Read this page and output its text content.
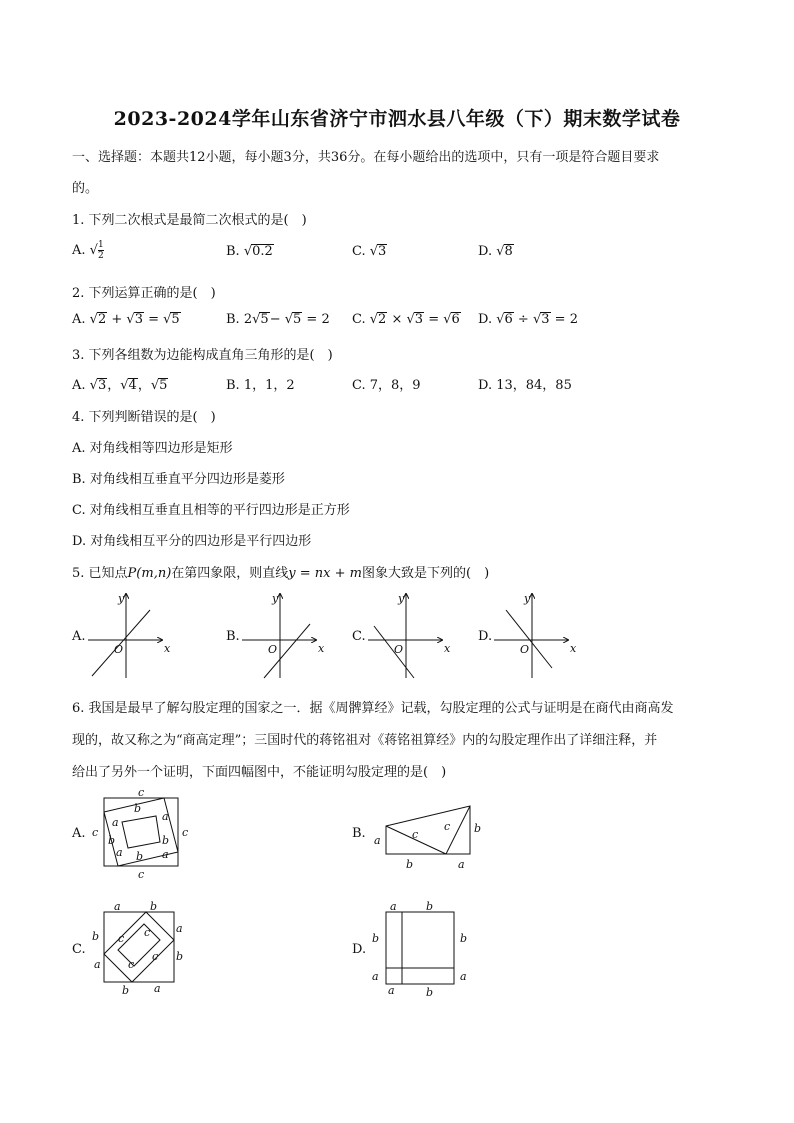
2023-2024学年山东省济宁市泗水县八年级（下）期末数学试卷
一、选择题：本题共12小题，每小题3分，共36分。在每小题给出的选项中，只有一项是符合题目要求
的。
1. 下列二次根式是最简二次根式的是(　)
A. √ $\frac{1}{2}$	B. √0.2	C. √3	D. √8
2. 下列运算正确的是(　)
A. √2 + √3 = √5	B. 2√5− √5 = 2 C. √2 × √3 = √6 D. √6 ÷ √3 = 2
3. 下列各组数为边能构成直角三角形的是(　)
A. √3，√4，√5	B. 1，1，2	C. 7，8，9	D. 13，84，85
4. 下列判断错误的是(　)
A. 对角线相等四边形是矩形
B. 对角线相互垂直平分四边形是菱形
C. 对角线相互垂直且相等的平行四边形是正方形
D. 对角线相互平分的四边形是平行四边形
5. 已知点P(m,n)在第四象限，则直线y = nx + m图象大致是下列的(　)
A.
y
x
O
B.
y
x
O
C.
y
x
O
D.
y
x
O
6. 我国是最早了解勾股定理的国家之一．据《周髀算经》记载，勾股定理的公式与证明是在商代由商高发
现的，故又称之为“商高定理”；三国时代的蒋铭祖对《蒋铭祖算经》内的勾股定理作出了详细注释，并
给出了另外一个证明，下面四幅图中，不能证明勾股定理的是(　)
A.
c
c
c	c
b
a
b
a
b
a b a
B. a	c
c b
b	a
C.
a	b
b
a
a
b
b a
c c
c
c	D.
a	b
b
a
b
a
a	b
